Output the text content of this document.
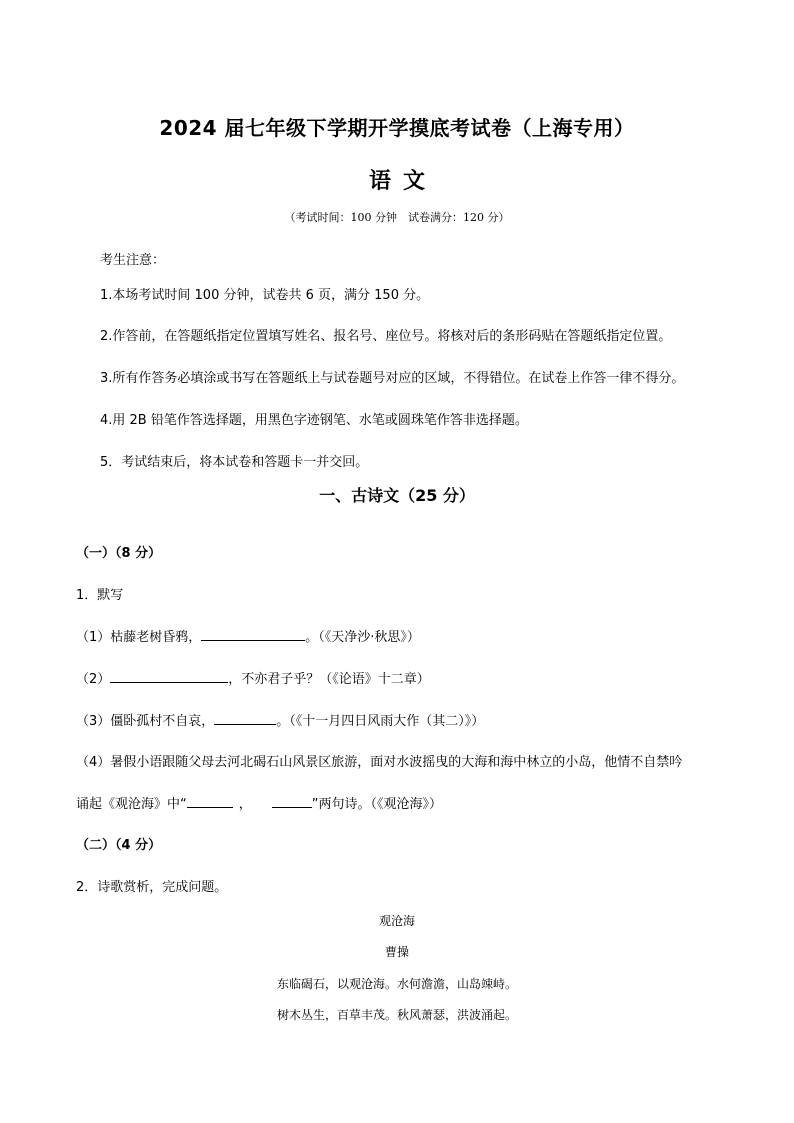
2024 届七年级下学期开学摸底考试卷（上海专用）
语文
（考试时间：100 分钟　试卷满分：120 分）
考生注意：
1.本场考试时间 100 分钟，试卷共 6 页，满分 150 分。
2.作答前，在答题纸指定位置填写姓名、报名号、座位号。将核对后的条形码贴在答题纸指定位置。
3.所有作答务必填涂或书写在答题纸上与试卷题号对应的区域，不得错位。在试卷上作答一律不得分。
4.用 2B 铅笔作答选择题，用黑色字迹钢笔、水笔或圆珠笔作答非选择题。
5．考试结束后，将本试卷和答题卡一并交回。
一、古诗文（25 分）
（一）（8 分）
1．默写
（1）枯藤老树昏鸦，	。（《天净沙·秋思》）
（2）	，不亦君子乎？（《论语》十二章）
（3）僵卧孤村不自哀，	。（《十一月四日风雨大作（其二）》）
（4）暑假小语跟随父母去河北碣石山风景区旅游，面对水波摇曳的大海和海中林立的小岛，他情不自禁吟
诵起《观沧海》中“	，	”两句诗。（《观沧海》）
（二）（4 分）
2．诗歌赏析，完成问题。
观沧海
曹操
东临碣石，以观沧海。水何澹澹，山岛竦峙。
树木丛生，百草丰茂。秋风萧瑟，洪波涌起。
